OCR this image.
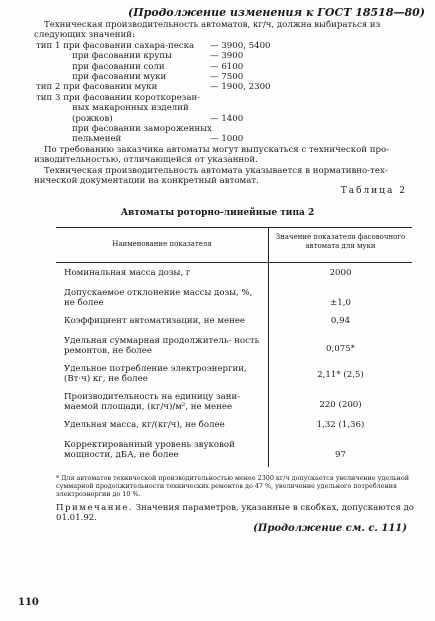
(Продолжение изменения к ГОСТ 18518—80)
Техническая производительность автоматов, кг/ч, должна выбираться из
следующих значений:
тип 1 при фасовании сахара-песка — 3900, 5400
при фасовании крупы	— 3900
при фасовании соли	— 6100
при фасовании муки	— 7500
тип 2 при фасовании муки	— 1900, 2300
тип 3 при фасовании короткорезан-
ных макаронных изделий
(рожков)	— 1400
при фасовании замороженных
пельменей	— 1000
По требованию заказчика автоматы могут выпускаться с технической про-
изводительностью, отличающейся от указанной.
Техническая производительность автомата указывается в нормативно-тех-
нической документации на конкретный автомат.
Таблица 2
Автоматы роторно-линейные типа 2
Наименование показателя
Значение показателя фасовочного автомата для муки
Номинальная масса дозы, г	2000
Допускаемое отклонение массы дозы, %, не более	±1,0
Коэффициент автоматизации, не менее	0,94
Удельная суммарная продолжитель- ность ремонтов, не более	0,075*
Удельное потребление электроэнергии, (Вт·ч) кг, не более	2,11* (2,5)
Производительность на единицу зани- маемой площади, (кг/ч)/м², не менее	220 (200)
Удельная масса, кг/(кг/ч), не более	1,32 (1,36)
Корректированный уровень звуковой мощности, дБА, не более	97
* Для автоматов технической производительностью менее 2300 кг/ч допускается увеличение удельной суммарной продолжительности технических ремонтов до 47 %, увеличение удельного потребления электроэнергии до 10 %.
Примечание. Значения параметров, указанные в скобках, допускаются до 01.01.92.
(Продолжение см. с. 111)
110
